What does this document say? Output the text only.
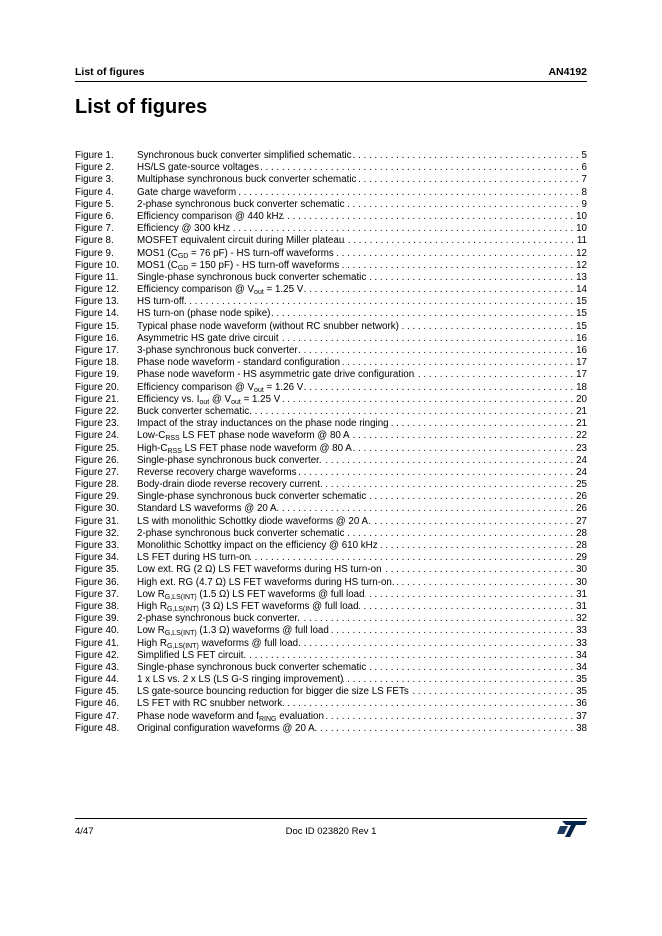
List of figures	AN4192
List of figures
Figure 1.	Synchronous buck converter simplified schematic . . .	5
Figure 2.	HS/LS gate-source voltages . . .	6
Figure 3.	Multiphase synchronous buck converter schematic . . .	7
Figure 4.	Gate charge waveform . . .	8
Figure 5.	2-phase synchronous buck converter schematic . . .	9
Figure 6.	Efficiency comparison @ 440 kHz . . .	10
Figure 7.	Efficiency @ 300 kHz . . .	10
Figure 8.	MOSFET equivalent circuit during Miller plateau . . .	11
Figure 9.	MOS1 ($C_{GD} = 76$ pF) - HS turn-off waveforms . . .	12
Figure 10.	MOS1 ($C_{GD} = 150$ pF) - HS turn-off waveforms . . .	12
Figure 11.	Single-phase synchronous buck converter schematic . . .	13
Figure 12.	Efficiency comparison @ $V_{out} = 1.25$ V . . .	14
Figure 13.	HS turn-off . . .	15
Figure 14.	HS turn-on (phase node spike) . . .	15
Figure 15.	Typical phase node waveform (without RC snubber network) . . .	15
Figure 16.	Asymmetric HS gate drive circuit . . .	16
Figure 17.	3-phase synchronous buck converter . . .	16
Figure 18.	Phase node waveform - standard configuration . . .	17
Figure 19.	Phase node waveform - HS asymmetric gate drive configuration . . .	17
Figure 20.	Efficiency comparison @ $V_{out} = 1.26$ V . . .	18
Figure 21.	Efficiency vs. $I_{out}$ @ $V_{out} = 1.25$ V . . .	20
Figure 22.	Buck converter schematic. . . .	21
Figure 23.	Impact of the stray inductances on the phase node ringing . . .	21
Figure 24.	Low-$C_{RSS}$ LS FET phase node waveform @ 80 A . . .	22
Figure 25.	High-$C_{RSS}$ LS FET phase node waveform @ 80 A . . .	23
Figure 26.	Single-phase synchronous buck converter. . . .	24
Figure 27.	Reverse recovery charge waveforms . . .	24
Figure 28.	Body-drain diode reverse recovery current. . . .	25
Figure 29.	Single-phase synchronous buck converter schematic . . .	26
Figure 30.	Standard LS waveforms @ 20 A . . .	26
Figure 31.	LS with monolithic Schottky diode waveforms @ 20 A. . . .	27
Figure 32.	2-phase synchronous buck converter schematic . . .	28
Figure 33.	Monolithic Schottky impact on the efficiency @ 610 kHz . . .	28
Figure 34.	LS FET during HS turn-on . . .	29
Figure 35.	Low ext. RG (2 Ω) LS FET waveforms during HS turn-on . . .	30
Figure 36.	High ext. RG (4.7 Ω) LS FET waveforms during HS turn-on. . . .	30
Figure 37.	Low $R_{G,LS(INT)}$ (1.5 Ω) LS FET waveforms @ full load . . .	31
Figure 38.	High $R_{G,LS(INT)}$ (3 Ω) LS FET waveforms @ full load . . .	31
Figure 39.	2-phase synchronous buck converter. . . .	32
Figure 40.	Low $R_{G,LS(INT)}$ (1.3 Ω) waveforms @ full load . . .	33
Figure 41.	High $R_{G,LS(INT)}$ waveforms @ full load . . .	33
Figure 42.	Simplified LS FET circuit. . . .	34
Figure 43.	Single-phase synchronous buck converter schematic . . .	34
Figure 44.	1 x LS vs. 2 x LS (LS G-S ringing improvement) . . .	35
Figure 45.	LS gate-source bouncing reduction for bigger die size LS FETs . . .	35
Figure 46.	LS FET with RC snubber network . . .	36
Figure 47.	Phase node waveform and $f_{RING}$ evaluation . . .	37
Figure 48.	Original configuration waveforms @ 20 A . . .	38
4/47	Doc ID 023820 Rev 1
